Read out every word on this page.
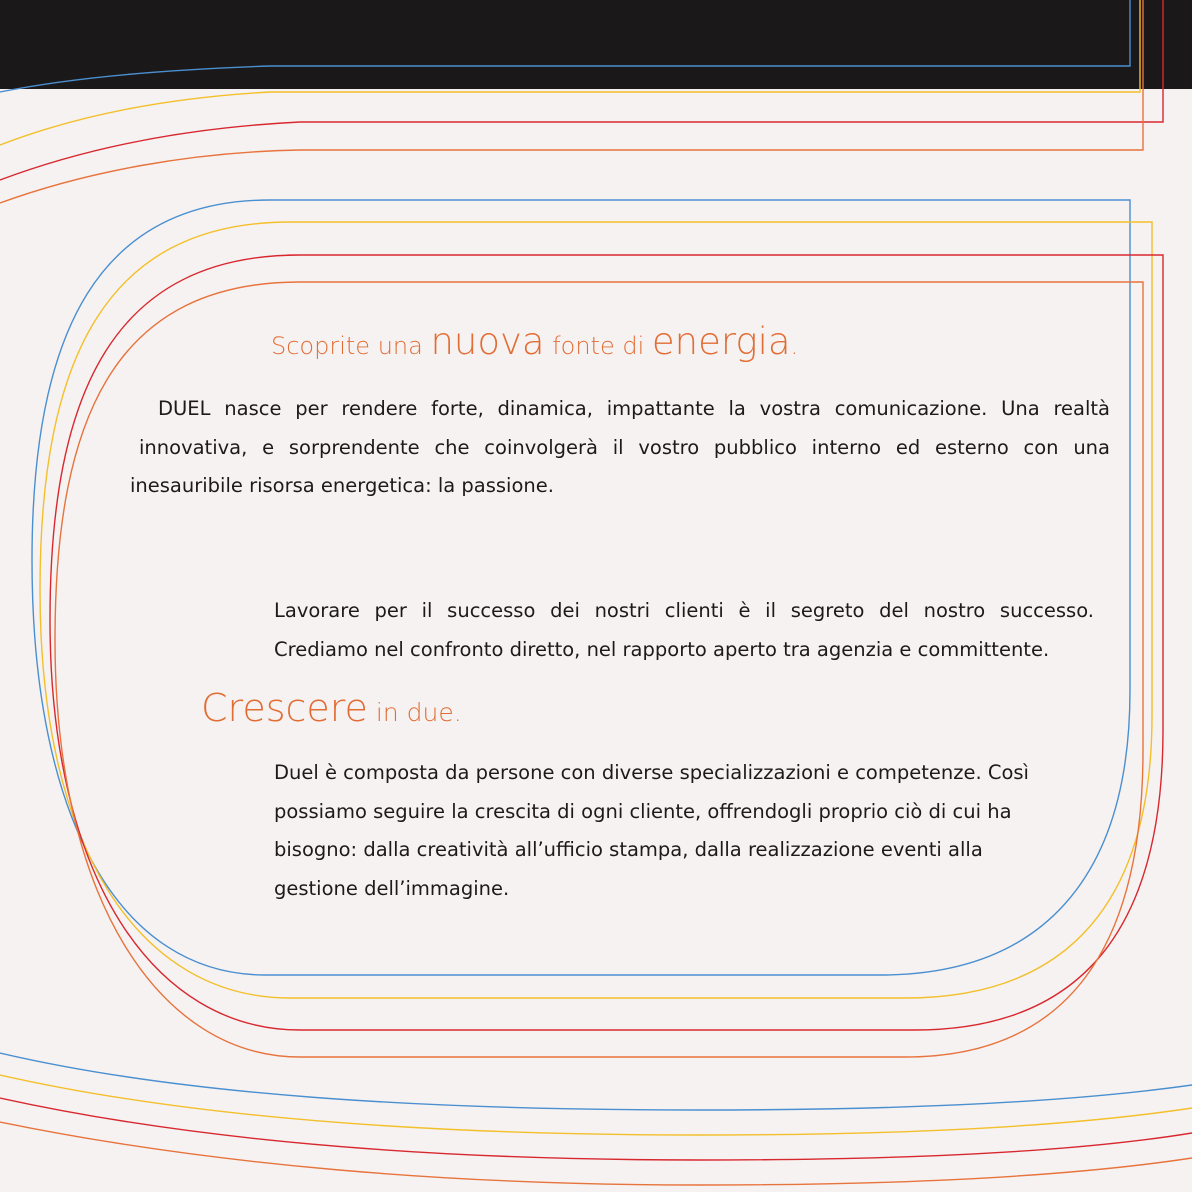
Scoprite una nuova fonte di energia.

DUEL nasce per rendere forte, dinamica, impattante la vostra comunicazione. Una realtà
innovativa, e sorprendente che coinvolgerà il vostro pubblico interno ed esterno con una
inesauribile risorsa energetica: la passione.

Lavorare per il successo dei nostri clienti è il segreto del nostro successo.
Crediamo nel confronto diretto, nel rapporto aperto tra agenzia e committente.

Crescere in due.

Duel è composta da persone con diverse specializzazioni e competenze. Così
possiamo seguire la crescita di ogni cliente, offrendogli proprio ciò di cui ha
bisogno: dalla creatività all’ufficio stampa, dalla realizzazione eventi alla
gestione dell’immagine.
